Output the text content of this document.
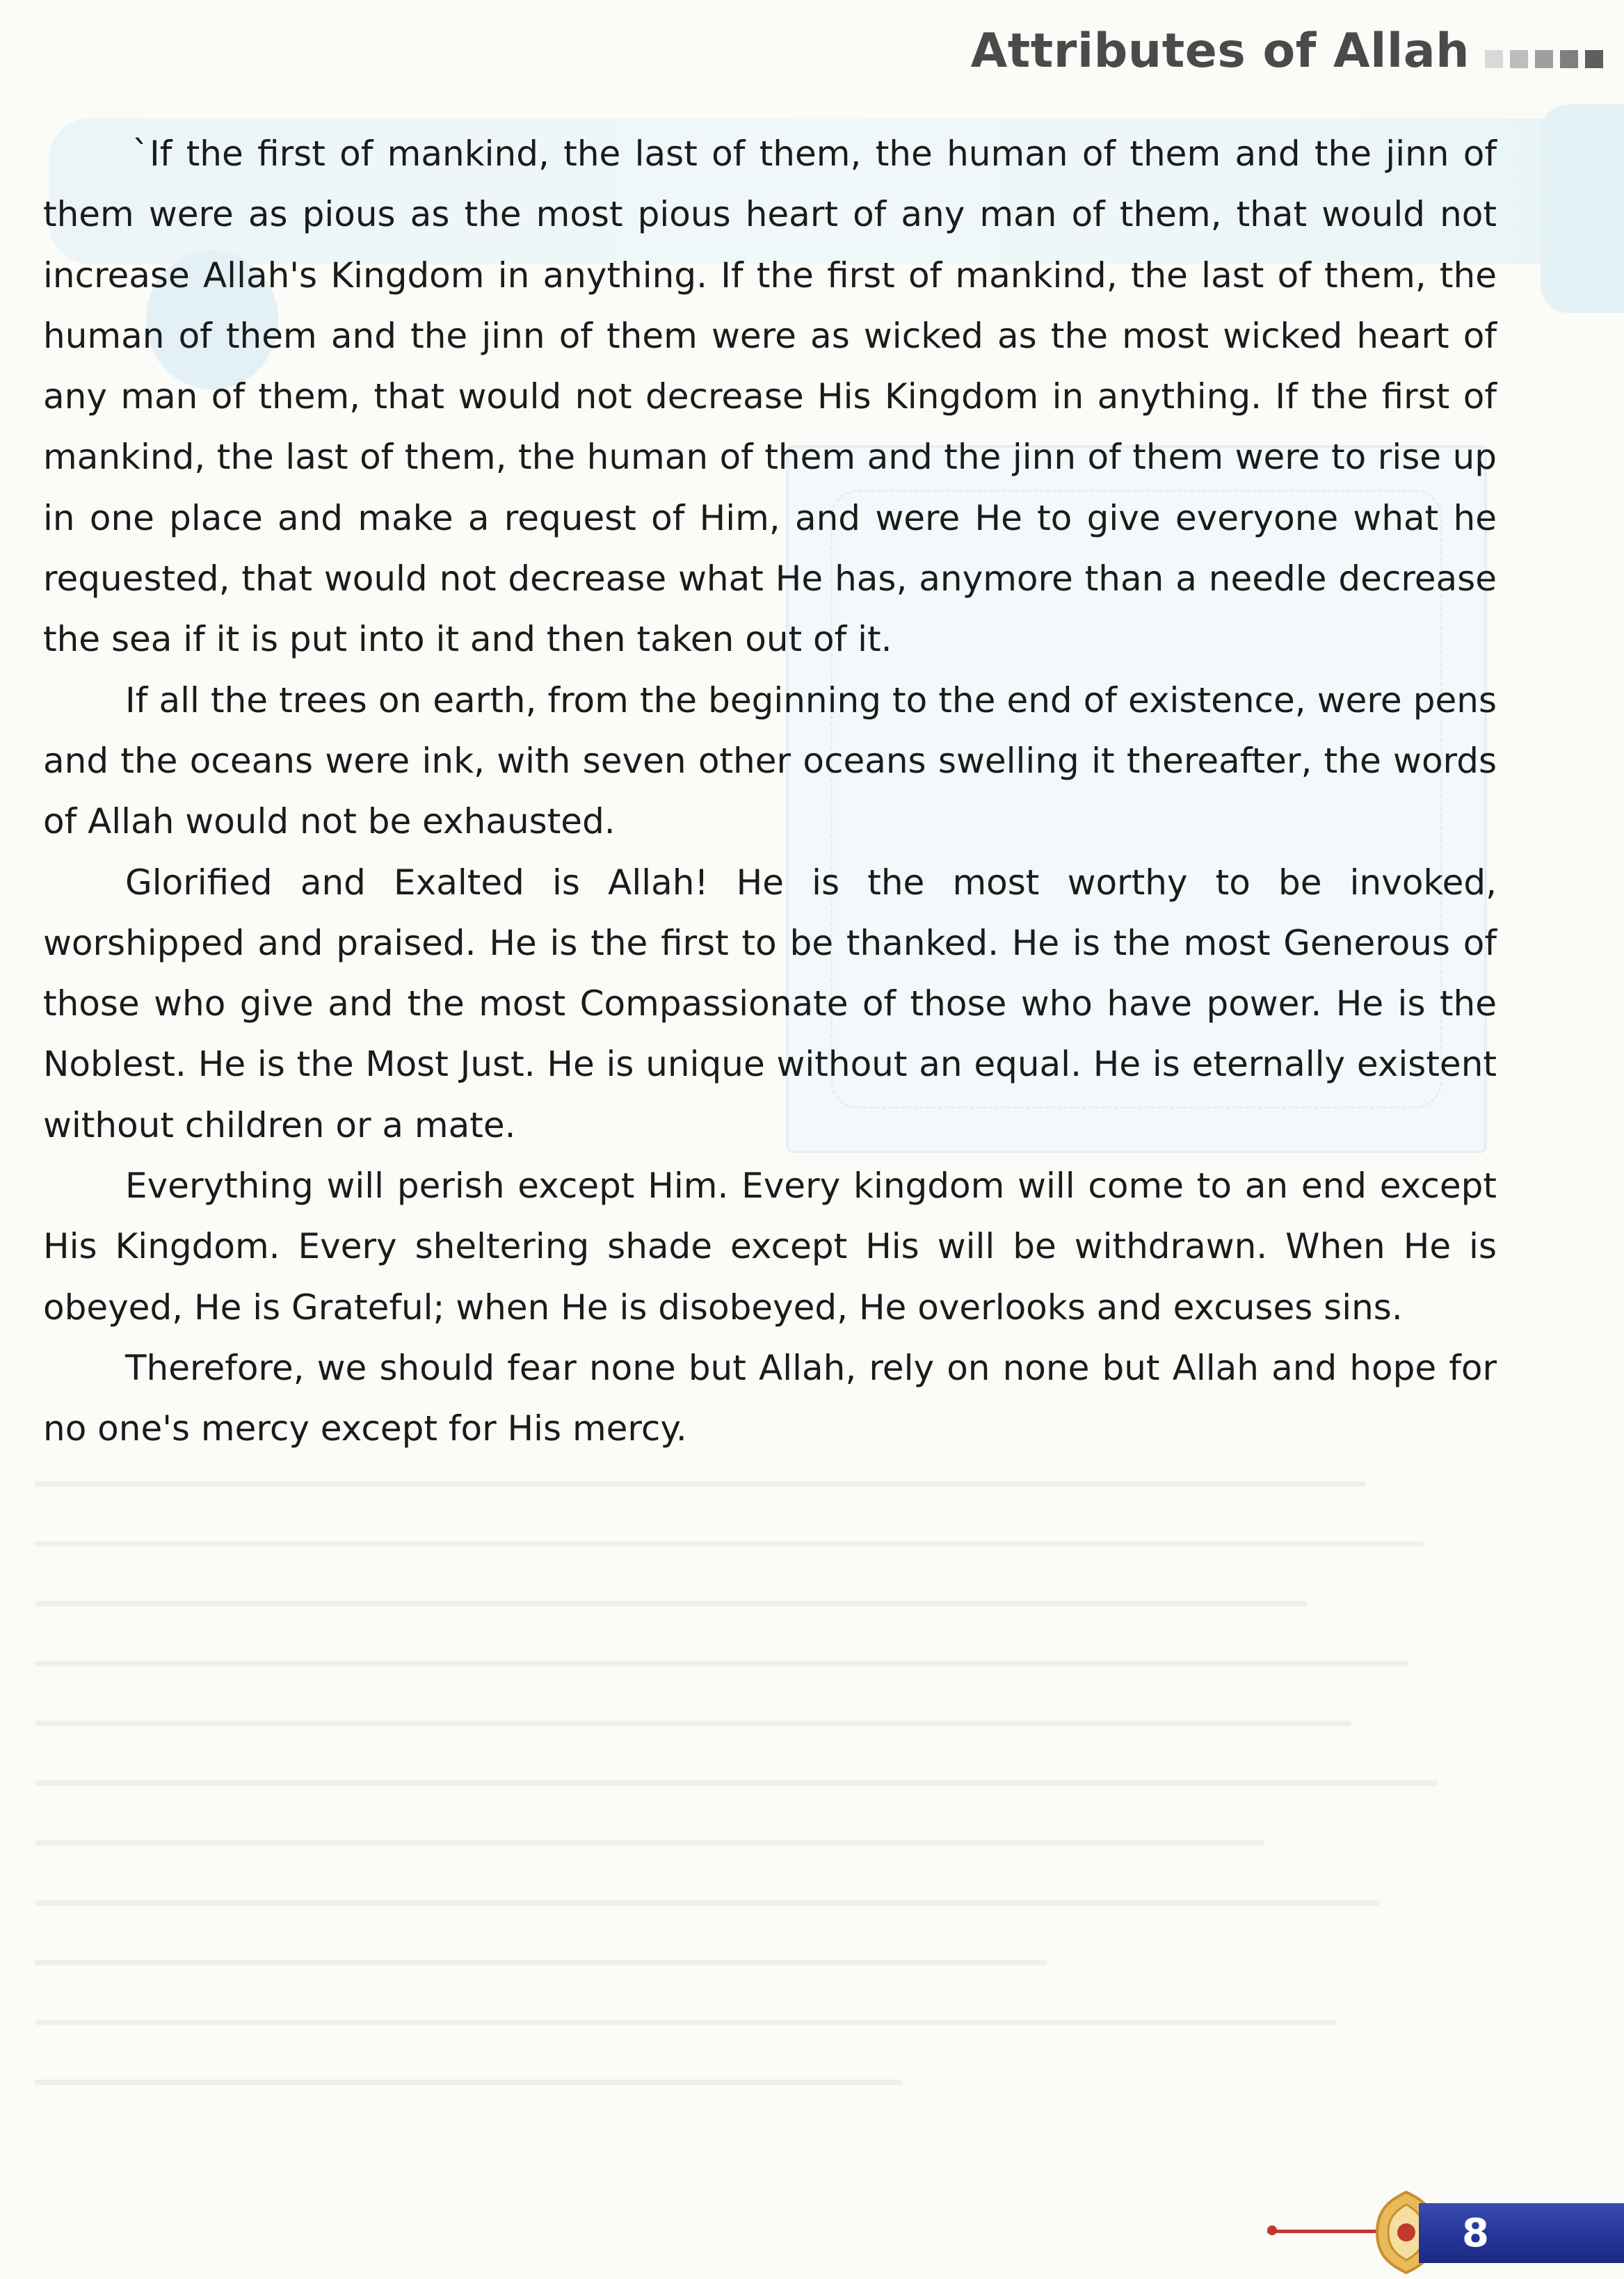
Attributes of Allah

`If the first of mankind, the last of them, the human of them and the jinn of them were as pious as the most pious heart of any man of them, that would not increase Allah's Kingdom in anything. If the first of mankind, the last of them, the human of them and the jinn of them were as wicked as the most wicked heart of any man of them, that would not decrease His Kingdom in anything. If the first of mankind, the last of them, the human of them and the jinn of them were to rise up in one place and make a request of Him, and were He to give everyone what he requested, that would not decrease what He has, anymore than a needle decrease the sea if it is put into it and then taken out of it.

If all the trees on earth, from the beginning to the end of existence, were pens and the oceans were ink, with seven other oceans swelling it thereafter, the words of Allah would not be exhausted.

Glorified and Exalted is Allah! He is the most worthy to be invoked, worshipped and praised. He is the first to be thanked. He is the most Generous of those who give and the most Compassionate of those who have power. He is the Noblest. He is the Most Just. He is unique without an equal. He is eternally existent without children or a mate.

Everything will perish except Him. Every kingdom will come to an end except His Kingdom. Every sheltering shade except His will be withdrawn. When He is obeyed, He is Grateful; when He is disobeyed, He overlooks and excuses sins.

Therefore, we should fear none but Allah, rely on none but Allah and hope for no one's mercy except for His mercy.

8
